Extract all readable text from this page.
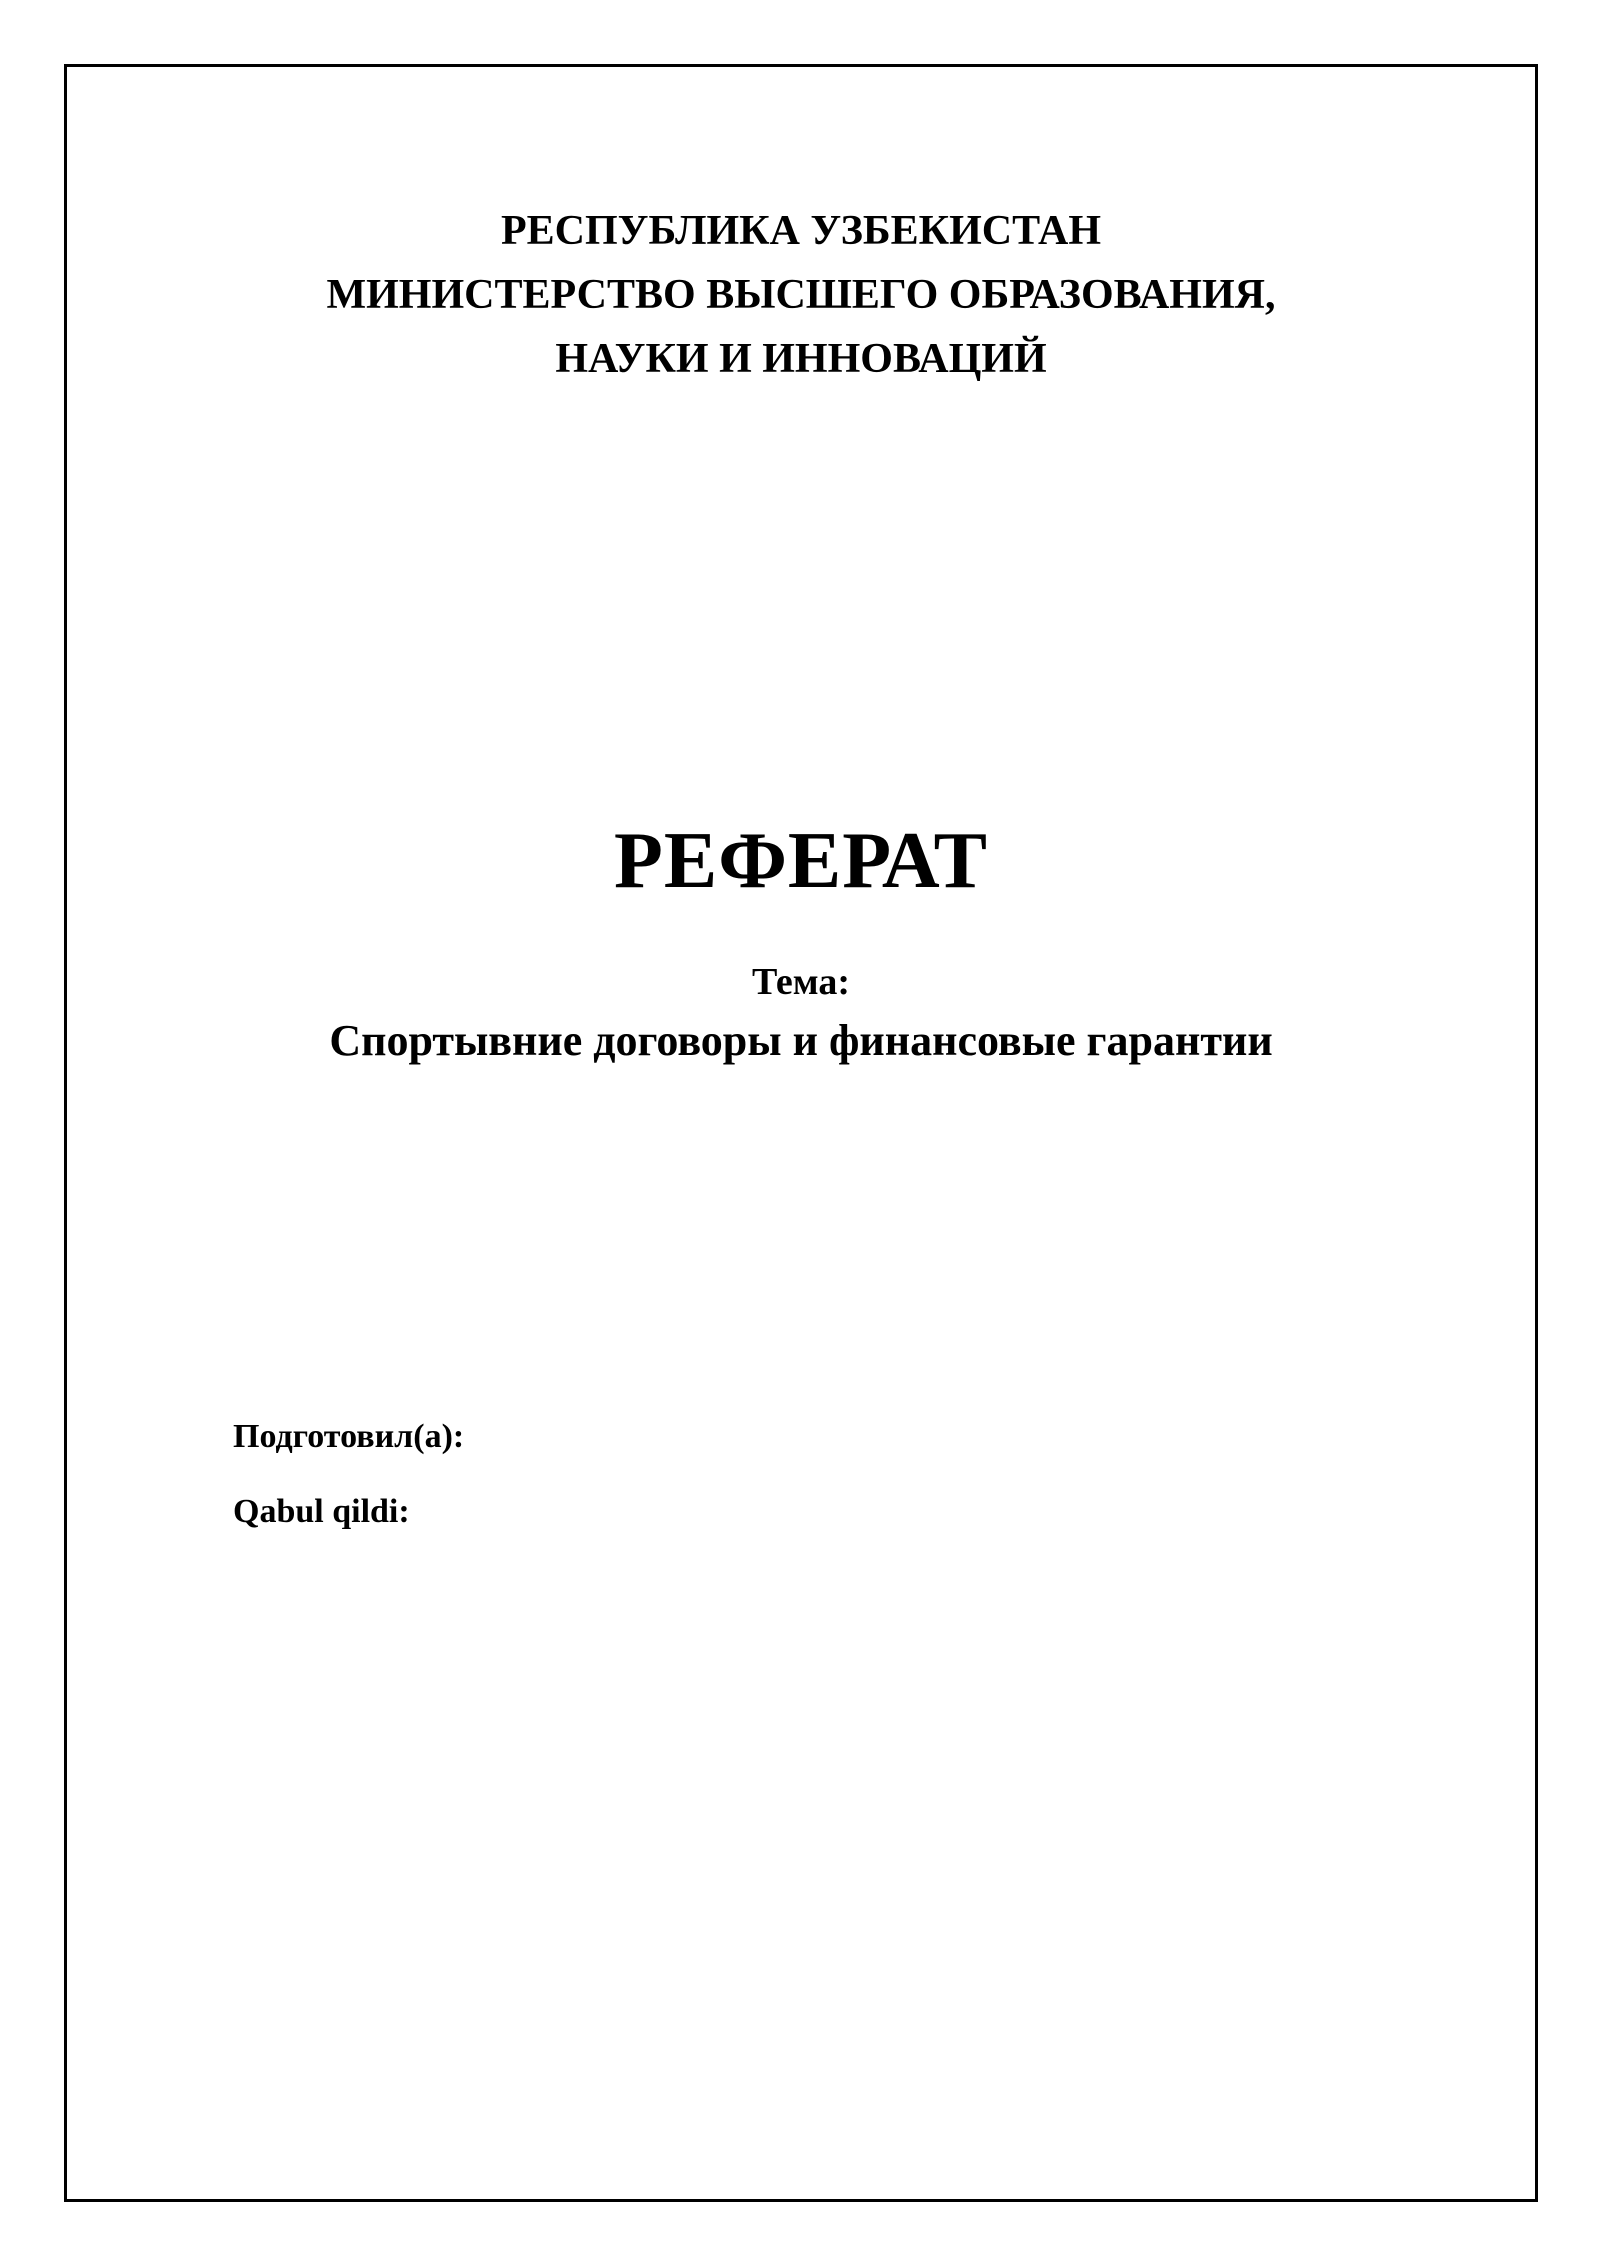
РЕСПУБЛИКА УЗБЕКИСТАН
МИНИСТЕРСТВО ВЫСШЕГО ОБРАЗОВАНИЯ,
НАУКИ И ИННОВАЦИЙ
РЕФЕРАТ
Тема:
Спортывние договоры и финансовые гарантии
Подготовил(а):
Qabul qildi:
